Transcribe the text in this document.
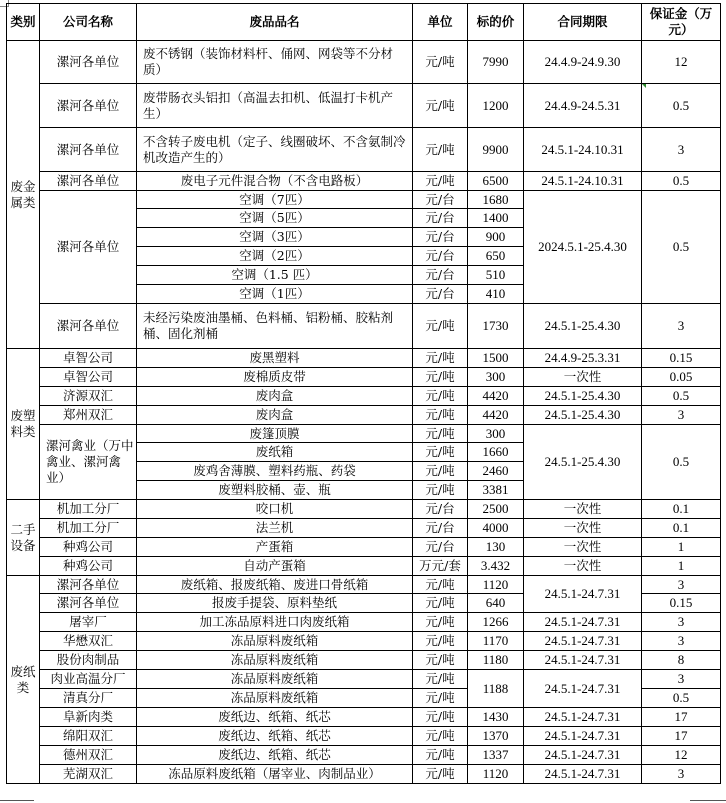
类别	公司名称	废品品名	单位	标的价	合同期限	保证金（万元）
废金属类	漯河各单位	废不锈钢（装饰材料杆、俑网、网袋等不分材质）	元/吨	7990	24.4.9-24.9.30	12
	漯河各单位	废带肠衣头铝扣（高温去扣机、低温打卡机产生）	元/吨	1200	24.4.9-24.5.31	0.5

	漯河各单位	不含转子废电机（定子、线圈破坏、不含氨制冷机改造产生的）	元/吨	9900	24.5.1-24.10.31	3
	漯河各单位	废电子元件混合物（不含电路板）	元/吨	6500	24.5.1-24.10.31	0.5
	漯河各单位	空调（7匹）	元/台	1680	2024.5.1-25.4.30	0.5
		空调（5匹）	元/台	1400		
		空调（3匹）	元/台	900		
		空调（2匹）	元/台	650		
		空调（1.5 匹）	元/台	510		
		空调（1匹）	元/台	410		
	漯河各单位	未经污染废油墨桶、色料桶、铝粉桶、胶粘剂桶、固化剂桶	元/吨	1730	24.5.1-25.4.30	3
废塑料类	卓智公司	废黑塑料	元/吨	1500	24.4.9-25.3.31	0.15
	卓智公司	废棉质皮带	元/吨	300	一次性	0.05
	济源双汇	废肉盒	元/吨	4420	24.5.1-25.4.30	0.5
	郑州双汇	废肉盒	元/吨	4420	24.5.1-25.4.30	3
	漯河禽业（万中禽业、漯河禽业）	废篷顶膜	元/吨	300	24.5.1-25.4.30	0.5
		废纸箱	元/吨	1660		
		废鸡舍薄膜、塑料药瓶、药袋	元/吨	2460		
		废塑料胶桶、壶、瓶	元/吨	3381		
二手设备	机加工分厂	咬口机	元/台	2500	一次性	0.1
	机加工分厂	法兰机	元/台	4000	一次性	0.1
	种鸡公司	产蛋箱	元/台	130	一次性	1
	种鸡公司	自动产蛋箱	万元/套	3.432	一次性	1
废纸类	漯河各单位	废纸箱、报废纸箱、废进口骨纸箱	元/吨	1120	24.5.1-24.7.31	3
	漯河各单位	报废手提袋、原料垫纸	元/吨	640		0.15
	屠宰厂	加工冻品原料进口肉废纸箱	元/吨	1266	24.5.1-24.7.31	3
	华懋双汇	冻品原料废纸箱	元/吨	1170	24.5.1-24.7.31	3
	股份肉制品	冻品原料废纸箱	元/吨	1180	24.5.1-24.7.31	8
	肉业高温分厂	冻品原料废纸箱	元/吨	1188	24.5.1-24.7.31	3
	清真分厂	冻品原料废纸箱	元/吨			0.5
	阜新肉类	废纸边、纸箱、纸芯	元/吨	1430	24.5.1-24.7.31	17
	绵阳双汇	废纸边、纸箱、纸芯	元/吨	1370	24.5.1-24.7.31	17
	德州双汇	废纸边、纸箱、纸芯	元/吨	1337	24.5.1-24.7.31	12
	芜湖双汇	冻品原料废纸箱（屠宰业、肉制品业）	元/吨	1120	24.5.1-24.7.31	3
